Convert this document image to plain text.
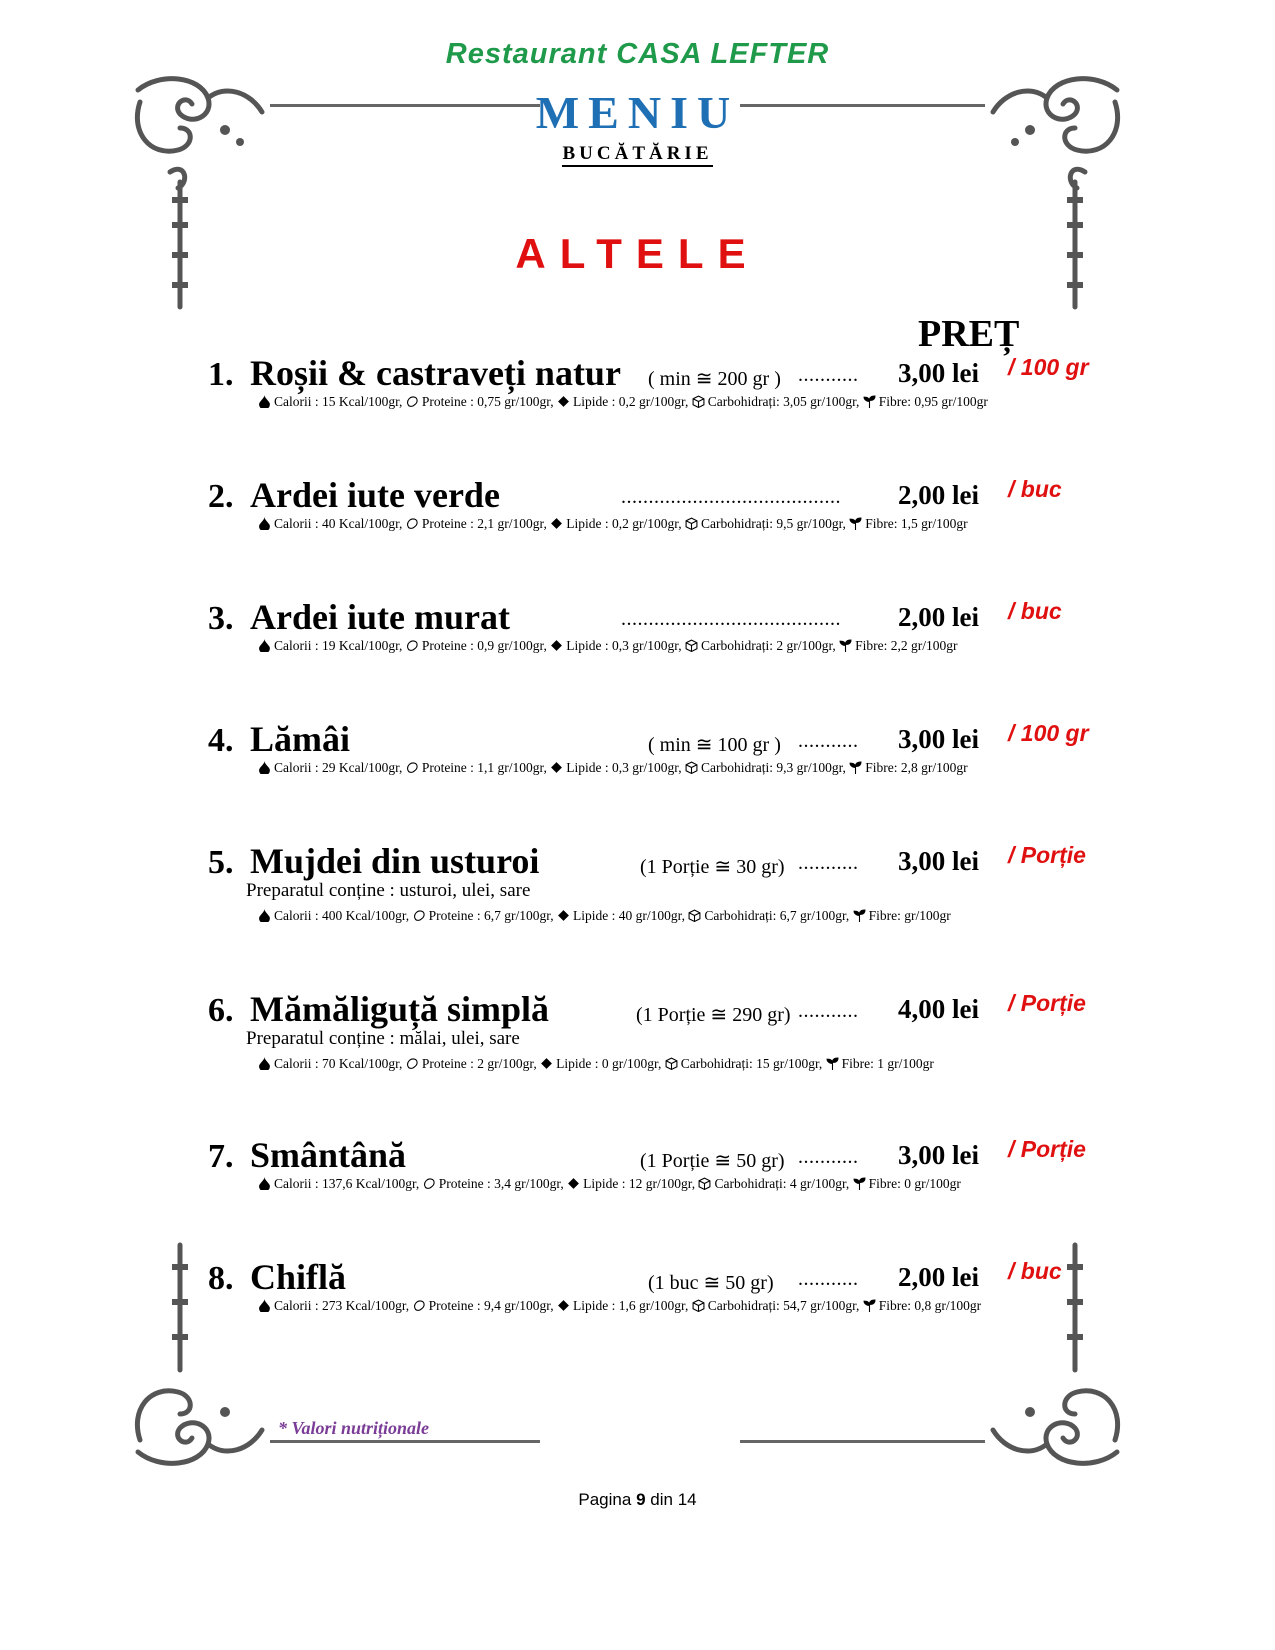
Restaurant CASA LEFTER
MENIU
BUCĂTĂRIE
ALTELE
PREȚ
1. Roșii & castraveți natur ( min ≅ 200 gr ) ........... 3,00 lei / 100 gr
Calorii : 15 Kcal/100gr, Proteine : 0,75 gr/100gr, Lipide : 0,2 gr/100gr, Carbohidrați: 3,05 gr/100gr, Fibre: 0,95 gr/100gr
2. Ardei iute verde	........................................ 2,00 lei / buc
Calorii : 40 Kcal/100gr, Proteine : 2,1 gr/100gr, Lipide : 0,2 gr/100gr, Carbohidrați: 9,5 gr/100gr, Fibre: 1,5 gr/100gr
3. Ardei iute murat	........................................ 2,00 lei / buc
Calorii : 19 Kcal/100gr, Proteine : 0,9 gr/100gr, Lipide : 0,3 gr/100gr, Carbohidrați: 2 gr/100gr, Fibre: 2,2 gr/100gr
4. Lămâi	( min ≅ 100 gr ) ........... 3,00 lei / 100 gr
Calorii : 29 Kcal/100gr, Proteine : 1,1 gr/100gr, Lipide : 0,3 gr/100gr, Carbohidrați: 9,3 gr/100gr, Fibre: 2,8 gr/100gr
5. Mujdei din usturoi	(1 Porție ≅ 30 gr) ........... 3,00 lei / Porție
Preparatul conține : usturoi, ulei, sare
Calorii : 400 Kcal/100gr, Proteine : 6,7 gr/100gr, Lipide : 40 gr/100gr, Carbohidrați: 6,7 gr/100gr, Fibre: gr/100gr
6. Mămăliguță simplă	(1 Porție ≅ 290 gr) ........... 4,00 lei / Porție
Preparatul conține : mălai, ulei, sare
Calorii : 70 Kcal/100gr, Proteine : 2 gr/100gr, Lipide : 0 gr/100gr, Carbohidrați: 15 gr/100gr, Fibre: 1 gr/100gr
7. Smântână	(1 Porție ≅ 50 gr) ........... 3,00 lei / Porție
Calorii : 137,6 Kcal/100gr, Proteine : 3,4 gr/100gr, Lipide : 12 gr/100gr, Carbohidrați: 4 gr/100gr, Fibre: 0 gr/100gr
8. Chiflă	(1 buc ≅ 50 gr) ........... 2,00 lei / buc
Calorii : 273 Kcal/100gr, Proteine : 9,4 gr/100gr, Lipide : 1,6 gr/100gr, Carbohidrați: 54,7 gr/100gr, Fibre: 0,8 gr/100gr
* Valori nutriționale
Pagina 9 din 14
